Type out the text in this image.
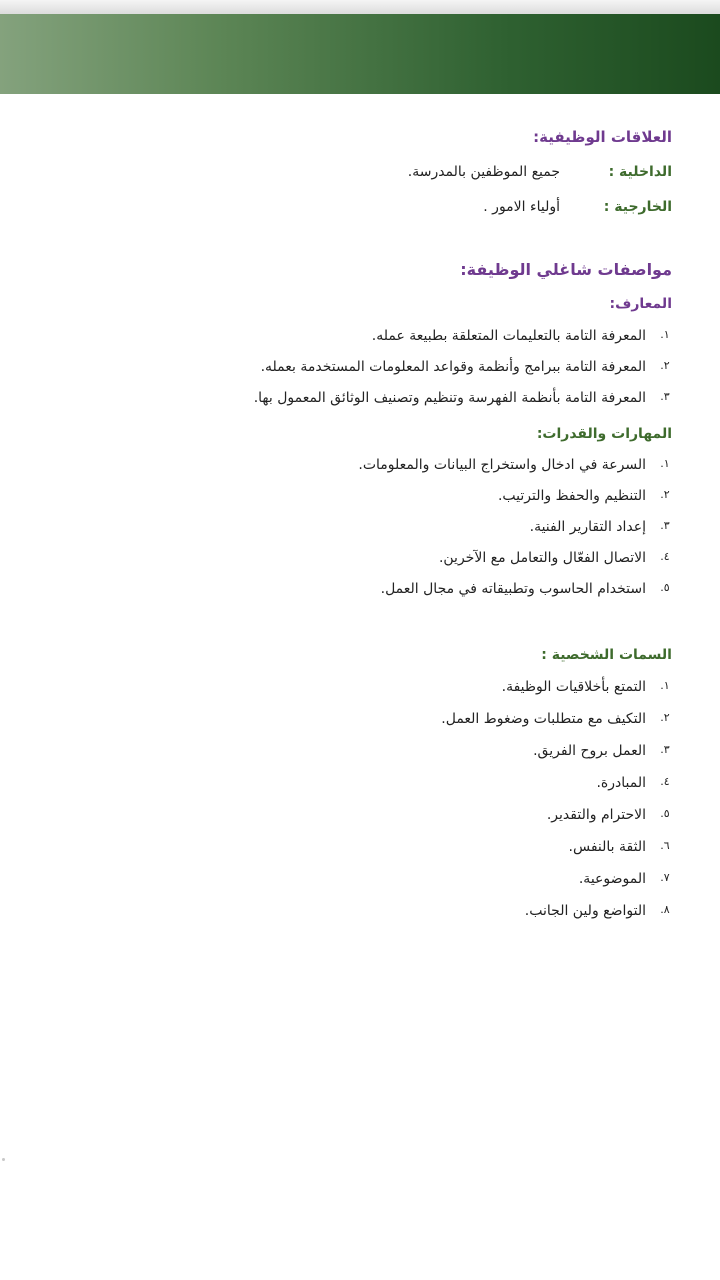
العلاقات الوظيفية:
الداخلية :
جميع الموظفين بالمدرسة.
الخارجية :
أولياء الامور .
مواصفات شاغلي الوظيفة:
المعارف:
١.
المعرفة التامة بالتعليمات المتعلقة بطبيعة عمله.
٢.
المعرفة التامة ببرامج وأنظمة وقواعد المعلومات المستخدمة بعمله.
٣.
المعرفة التامة بأنظمة الفهرسة وتنظيم وتصنيف الوثائق المعمول بها.
المهارات والقدرات:
١.
السرعة في ادخال واستخراج البيانات والمعلومات.
٢.
التنظيم والحفظ والترتيب.
٣.
إعداد التقارير الفنية.
٤.
الاتصال الفعّال والتعامل مع الآخرين.
٥.
استخدام الحاسوب وتطبيقاته في مجال العمل.
السمات الشخصية :
١.
التمتع بأخلاقيات الوظيفة.
٢.
التكيف مع متطلبات وضغوط العمل.
٣.
العمل بروح الفريق.
٤.
المبادرة.
٥.
الاحترام والتقدير.
٦.
الثقة بالنفس.
٧.
الموضوعية.
٨.
التواضع ولين الجانب.
